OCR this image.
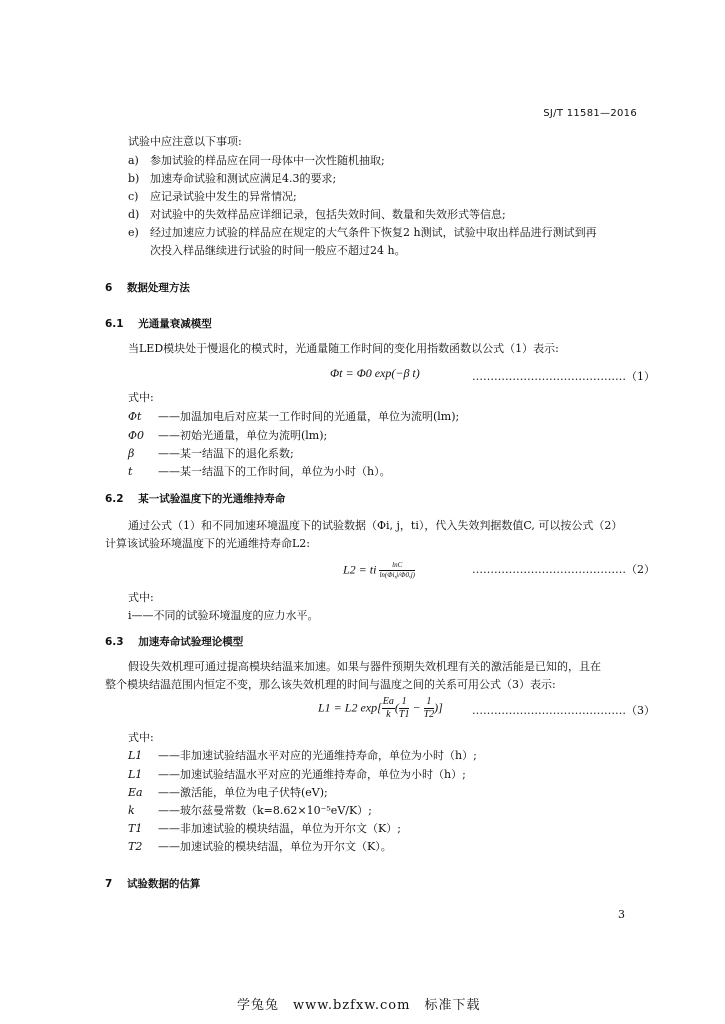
SJ/T 11581—2016
试验中应注意以下事项:
a) 参加试验的样品应在同一母体中一次性随机抽取;
b) 加速寿命试验和测试应满足4.3的要求;
c) 应记录试验中发生的异常情况;
d) 对试验中的失效样品应详细记录，包括失效时间、数量和失效形式等信息;
e) 经过加速应力试验的样品应在规定的大气条件下恢复2 h测试，试验中取出样品进行测试到再
次投入样品继续进行试验的时间一般应不超过24 h。
6 数据处理方法
6.1 光通量衰减模型
当LED模块处于慢退化的模式时，光通量随工作时间的变化用指数函数以公式（1）表示:
Φt = Φ0 exp(−β t)	……………………………………（1）
式中:
Φt ——加温加电后对应某一工作时间的光通量，单位为流明(lm);
Φ0 ——初始光通量，单位为流明(lm);
β ——某一结温下的退化系数;
t ——某一结温下的工作时间，单位为小时（h）。
6.2 某一试验温度下的光通维持寿命
通过公式（1）和不同加速环境温度下的试验数据（Φi, j，ti），代入失效判据数值C, 可以按公式（2）
计算该试验环境温度下的光通维持寿命L2:
L2 = ti $\frac{\ln C}{\ln(\Phi i,j/\Phi 0,j)}$	……………………………………（2）
式中:
i——不同的试验环境温度的应力水平。
6.3 加速寿命试验理论模型
假设失效机理可通过提高模块结温来加速。如果与器件预期失效机理有关的激活能是已知的，且在
整个模块结温范围内恒定不变，那么该失效机理的时间与温度之间的关系可用公式（3）表示:
L1 = L2 $\exp[ \frac{Ea}{k}$ ( $\frac{1}{T1} - \frac{1}{T2}$ )]	……………………………………（3）
式中:
L1 ——非加速试验结温水平对应的光通维持寿命，单位为小时（h）;
L1 ——加速试验结温水平对应的光通维持寿命，单位为小时（h）;
Ea ——激活能，单位为电子伏特(eV);
k ——玻尔兹曼常数（k=8.62×10⁻⁵eV/K）;
T1 ——非加速试验的模块结温，单位为开尔文（K）;
T2 ——加速试验的模块结温，单位为开尔文（K）。
7 试验数据的估算
3
学兔兔　www.bzfxw.com　标准下载
